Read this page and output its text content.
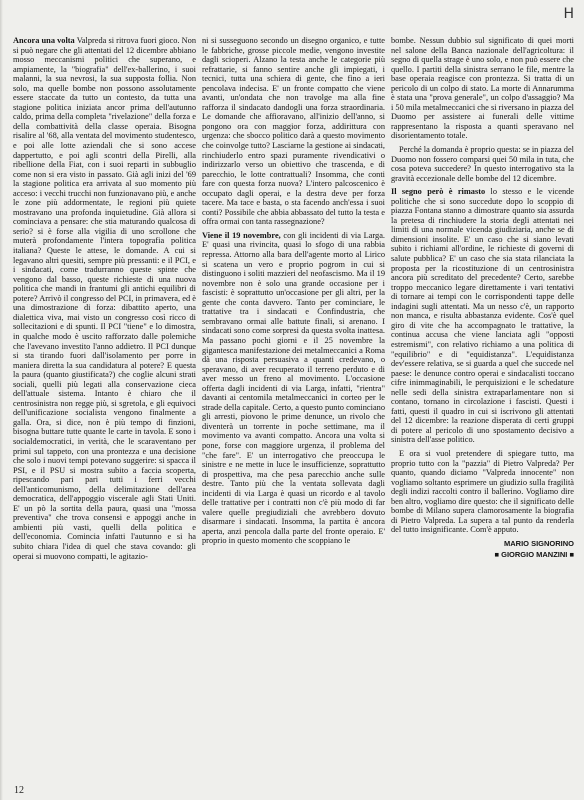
H

Ancora una volta Valpreda si ritrova fuori gioco. Non si può negare che gli attentati del 12 dicembre abbiano mosso meccanismi politici che superano, e ampiamente, la "biografia" dell'ex-ballerino, i suoi malanni, la sua nevrosi, la sua supposta follia. Non solo, ma quelle bombe non possono assolutamente essere staccate da tutto un contesto, da tutta una stagione politica iniziata ancor prima dell'autunno caldo, prima della completa "rivelazione" della forza e della combattività della classe operaia. Bisogna risalire al '68, alla ventata del movimento studentesco, e poi alle lotte aziendali che si sono accese dappertutto, e poi agli scontri della Pirelli, alla ribellione della Fiat, con i suoi reparti in subbuglio come non si era visto in passato. Già agli inizi del '69 la stagione politica era arrivata al suo momento più acceso: i vecchi trucchi non funzionavano più, e anche le zone più addormentate, le regioni più quiete mostravano una profonda inquietudine. Già allora si cominciava a pensare: che stia maturando qualcosa di serio? si è forse alla vigilia di uno scrollone che muterà profondamente l'intera topografia politica italiana? Queste le attese, le domande. A cui si legavano altri quesiti, sempre più pressanti: e il PCI, e i sindacati, come tradurranno queste spinte che vengono dal basso, queste richieste di una nuova politica che mandi in frantumi gli antichi equilibri di potere? Arrivò il congresso del PCI, in primavera, ed è una dimostrazione di forza: dibattito aperto, una dialettica viva, mai visto un congresso così ricco di sollecitazioni e di spunti. Il PCI "tiene" e lo dimostra, in qualche modo è uscito rafforzato dalle polemiche che l'avevano investito l'anno addietro. Il PCI dunque si sta tirando fuori dall'isolamento per porre in maniera diretta la sua candidatura al potere? E questa la paura (quanto giustificata?) che coglie alcuni strati sociali, quelli più legati alla conservazione cieca dell'attuale sistema. Intanto è chiaro che il centrosinistra non regge più, si sgretola, e gli equivoci dell'unificazione socialista vengono finalmente a galla. Ora, si dice, non è più tempo di finzioni, bisogna buttare tutte quante le carte in tavola. E sono i socialdemocratici, in verità, che le scaraventano per primi sul tappeto, con una prontezza e una decisione che solo i nuovi tempi potevano suggerire: si spacca il PSI, e il PSU si mostra subito a faccia scoperta, ripescando pari pari tutti i ferri vecchi dell'anticomunismo, della delimitazione dell'area democratica, dell'appoggio viscerale agli Stati Uniti. E' un pò la sortita della paura, quasi una "mossa preventiva" che trova consensi e appoggi anche in ambienti più vasti, quelli della politica e dell'economia. Comincia infatti l'autunno e si ha subito chiara l'idea di quel che stava covando: gli operai si muovono compatti, le agitazio-

ni si susseguono secondo un disegno organico, e tutte le fabbriche, grosse piccole medie, vengono investite dagli scioperi. Alzano la testa anche le categorie più refrattarie, si fanno sentire anche gli impiegati, i tecnici, tutta una schiera di gente, che fino a ieri pencolava indecisa. E' un fronte compatto che viene avanti, un'ondata che non travolge ma alla fine rafforza il sindacato dandogli una forza straordinaria. Le domande che affioravano, all'inizio dell'anno, si pongono ora con maggior forza, addirittura con urgenza: che sbocco politico darà a questo movimento che coinvolge tutto? Lasciarne la gestione ai sindacati, rinchiuderlo entro spazi puramente rivendicativi o indirizzarlo verso un obiettivo che trascenda, e di parecchio, le lotte contrattuali? Insomma, che conti fare con questa forza nuova? L'intero palcoscenico è occupato dagli operai, e la destra deve per forza tacere. Ma tace e basta, o sta facendo anch'essa i suoi conti? Possibile che abbia abbassato del tutto la testa e offra ormai con tanta rassegnazione?

Viene il 19 novembre, con gli incidenti di via Larga. E' quasi una rivincita, quasi lo sfogo di una rabbia repressa. Attorno alla bara dell'agente morto al Lirico si scatena un vero e proprio pogrom in cui si distinguono i soliti mazzieri del neofascismo. Ma il 19 novembre non è solo una grande occasione per i fascisti: è soprattutto un'occasione per gli altri, per la gente che conta davvero. Tanto per cominciare, le trattative tra i sindacati e Confindustria, che sembravano ormai alle battute finali, si arenano. I sindacati sono come sorpresi da questa svolta inattesa. Ma passano pochi giorni e il 25 novembre la gigantesca manifestazione dei metalmeccanici a Roma dà una risposta persuasiva a quanti credevano, o speravano, di aver recuperato il terreno perduto e di aver messo un freno al movimento. L'occasione offerta dagli incidenti di via Larga, infatti, "rientra" davanti ai centomila metalmeccanici in corteo per le strade della capitale. Certo, a questo punto cominciano gli arresti, piovono le prime denunce, un rivolo che diventerà un torrente in poche settimane, ma il movimento va avanti compatto. Ancora una volta si pone, forse con maggiore urgenza, il problema del "che fare". E' un interrogativo che preoccupa le sinistre e ne mette in luce le insufficienze, soprattutto di prospettiva, ma che pesa parecchio anche sulle destre. Tanto più che la ventata sollevata dagli incidenti di via Larga è quasi un ricordo e al tavolo delle trattative per i contratti non c'è più modo di far valere quelle pregiudiziali che avrebbero dovuto disarmare i sindacati. Insomma, la partita è ancora aperta, anzi pencola dalla parte del fronte operaio. E' proprio in questo momento che scoppiano le

bombe. Nessun dubbio sul significato di quei morti nel salone della Banca nazionale dell'agricoltura: il segno di quella strage è uno solo, e non può essere che quello. I partiti della sinistra serrano le file, mentre la base operaia reagisce con prontezza. Si tratta di un pericolo di un colpo di stato. La morte di Annarumma è stata una "prova generale", un colpo d'assaggio? Ma i 50 mila metalmeccanici che si riversano in piazza del Duomo per assistere ai funerali delle vittime rappresentano la risposta a quanti speravano nel disorientamento totale.

Perché la domanda è proprio questa: se in piazza del Duomo non fossero comparsi quei 50 mila in tuta, che cosa poteva succedere? In questo interrogativo sta la gravità eccezionale delle bombe del 12 dicembre.

Il segno però è rimasto lo stesso e le vicende politiche che si sono succedute dopo lo scoppio di piazza Fontana stanno a dimostrare quanto sia assurda la pretesa di rinchiudere la storia degli attentati nei limiti di una normale vicenda giudiziaria, anche se di dimensioni insolite. E' un caso che si siano levati subito i richiami all'ordine, le richieste di governi di salute pubblica? E' un caso che sia stata rilanciata la proposta per la ricostituzione di un centrosinistra ancora più screditato del precedente? Certo, sarebbe troppo meccanico legare direttamente i vari tentativi di tornare ai tempi con le corrispondenti tappe delle indagini sugli attentati. Ma un nesso c'è, un rapporto non manca, e risulta abbastanza evidente. Cos'è quel giro di vite che ha accompagnato le trattative, la continua accusa che viene lanciata agli "opposti estremismi", con relativo richiamo a una politica di "equilibrio" e di "equidistanza". L'equidistanza dev'essere relativa, se si guarda a quel che succede nel paese: le denunce contro operai e sindacalisti toccano cifre inimmaginabili, le perquisizioni e le schedature nelle sedi della sinistra extraparlamentare non si contano, tornano in circolazione i fascisti. Questi i fatti, questi il quadro in cui si iscrivono gli attentati del 12 dicembre: la reazione disperata di certi gruppi di potere al pericolo di uno spostamento decisivo a sinistra dell'asse politico.

E ora si vuol pretendere di spiegare tutto, ma proprio tutto con la "pazzia" di Pietro Valpreda? Per quanto, quando diciamo "Valpreda innocente" non vogliamo soltanto esprimere un giudizio sulla fragilità degli indizi raccolti contro il ballerino. Vogliamo dire ben altro, vogliamo dire questo: che il significato delle bombe di Milano supera clamorosamente la biografia di Pietro Valpreda. La supera a tal punto da renderla del tutto insignificante. Com'è apputo.

MARIO SIGNORINO
■ GIORGIO MANZINI ■
12
